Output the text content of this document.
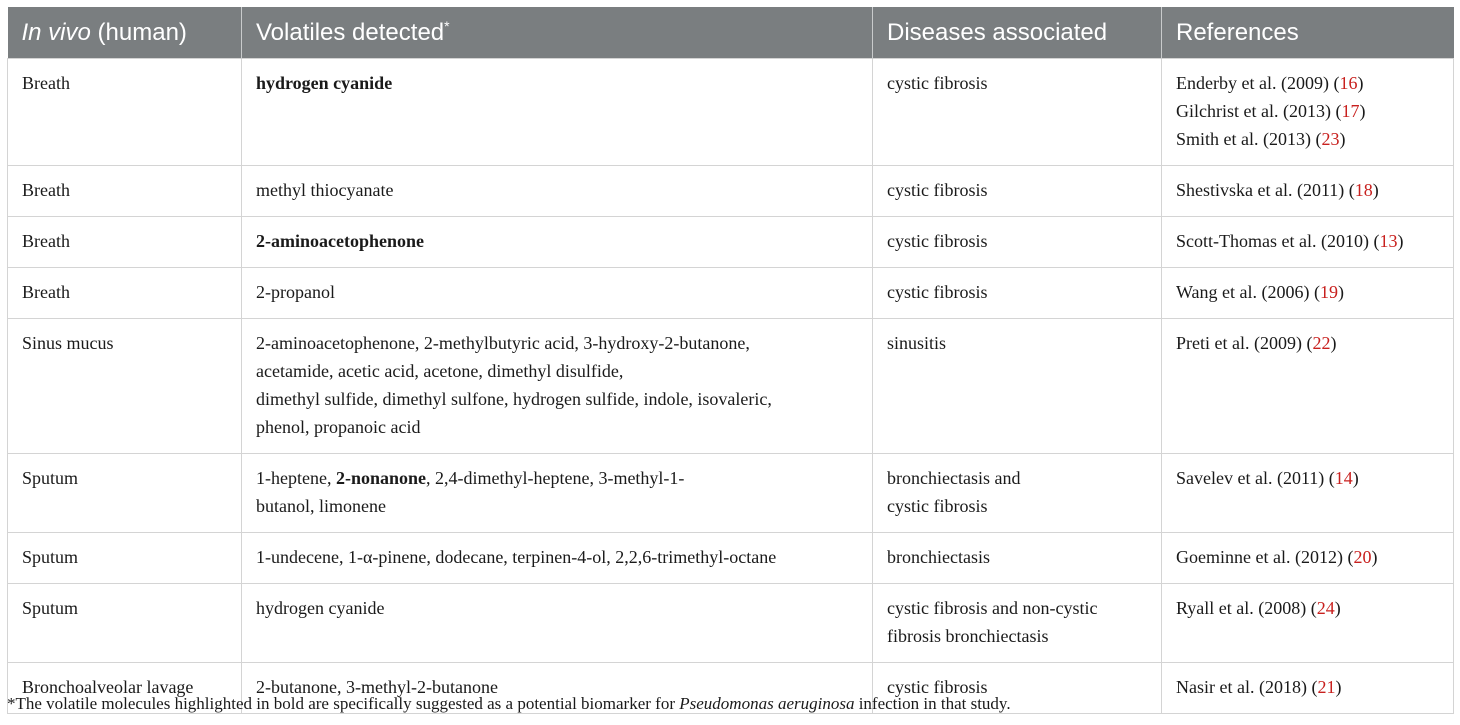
In vivo (human)	Volatiles detected*	Diseases associated	References
Breath	hydrogen cyanide	cystic fibrosis	Enderby et al. (2009) (16)
Gilchrist et al. (2013) (17)
Smith et al. (2013) (23)

Breath	methyl thiocyanate	cystic fibrosis	Shestivska et al. (2011) (18)

Breath	2-aminoacetophenone	cystic fibrosis	Scott-Thomas et al. (2010) (13)

Breath	2-propanol	cystic fibrosis	Wang et al. (2006) (19)

Sinus mucus	2-aminoacetophenone, 2-methylbutyric acid, 3-hydroxy-2-butanone,
acetamide, acetic acid, acetone, dimethyl disulfide,
dimethyl sulfide, dimethyl sulfone, hydrogen sulfide, indole, isovaleric,
phenol, propanoic acid	sinusitis	Preti et al. (2009) (22)

Sputum	1-heptene, 2-nonanone, 2,4-dimethyl-heptene, 3-methyl-1-
butanol, limonene	bronchiectasis and
cystic fibrosis	Savelev et al. (2011) (14)

Sputum	1-undecene, 1-α-pinene, dodecane, terpinen-4-ol, 2,2,6-trimethyl-octane	bronchiectasis	Goeminne et al. (2012) (20)

Sputum	hydrogen cyanide	cystic fibrosis and non-cystic
fibrosis bronchiectasis	Ryall et al. (2008) (24)

Bronchoalveolar lavage	2-butanone, 3-methyl-2-butanone	cystic fibrosis	Nasir et al. (2018) (21)
*The volatile molecules highlighted in bold are specifically suggested as a potential biomarker for Pseudomonas aeruginosa infection in that study.
